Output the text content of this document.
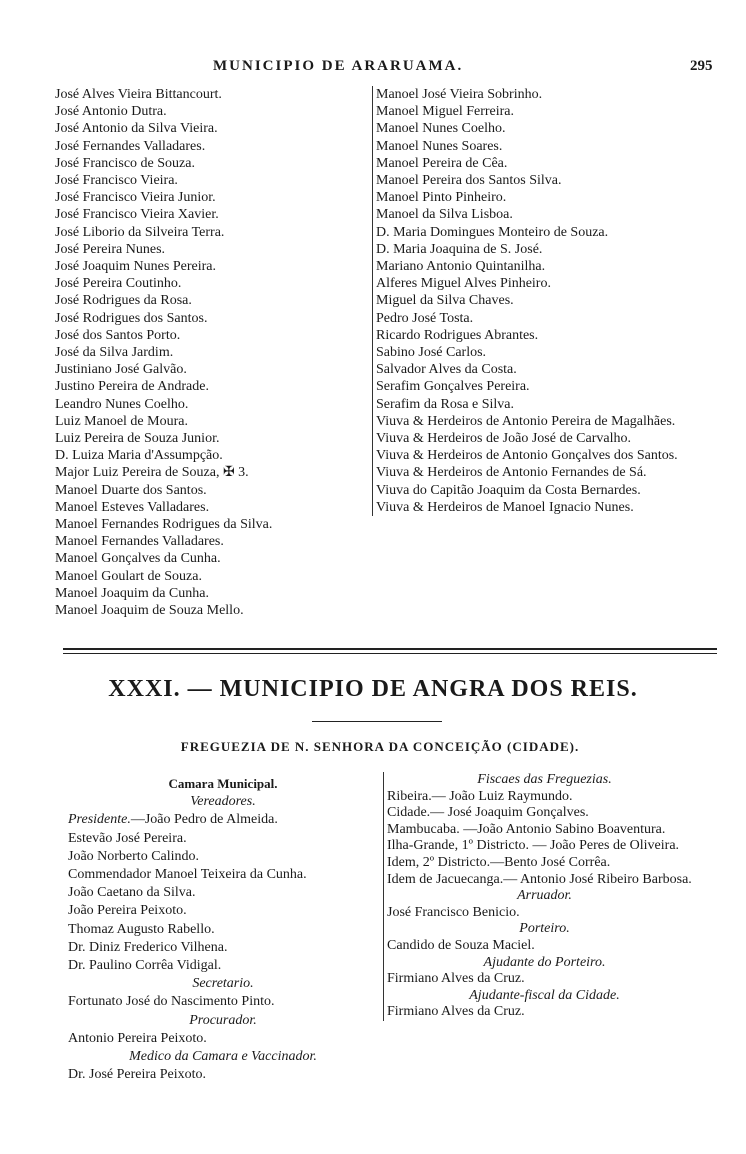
MUNICIPIO DE ARARUAMA.	295
José Alves Vieira Bittancourt.
José Antonio Dutra.
José Antonio da Silva Vieira.
José Fernandes Valladares.
José Francisco de Souza.
José Francisco Vieira.
José Francisco Vieira Junior.
José Francisco Vieira Xavier.
José Liborio da Silveira Terra.
José Pereira Nunes.
José Joaquim Nunes Pereira.
José Pereira Coutinho.
José Rodrigues da Rosa.
José Rodrigues dos Santos.
José dos Santos Porto.
José da Silva Jardim.
Justiniano José Galvão.
Justino Pereira de Andrade.
Leandro Nunes Coelho.
Luiz Manoel de Moura.
Luiz Pereira de Souza Junior.
D. Luiza Maria d'Assumpção.
Major Luiz Pereira de Souza, ✠ 3.
Manoel Duarte dos Santos.
Manoel Esteves Valladares.
Manoel Fernandes Rodrigues da Silva.
Manoel Fernandes Valladares.
Manoel Gonçalves da Cunha.
Manoel Goulart de Souza.
Manoel Joaquim da Cunha.
Manoel Joaquim de Souza Mello.
Manoel José Vieira Sobrinho.
Manoel Miguel Ferreira.
Manoel Nunes Coelho.
Manoel Nunes Soares.
Manoel Pereira de Cêa.
Manoel Pereira dos Santos Silva.
Manoel Pinto Pinheiro.
Manoel da Silva Lisboa.
D. Maria Domingues Monteiro de Souza.
D. Maria Joaquina de S. José.
Mariano Antonio Quintanilha.
Alferes Miguel Alves Pinheiro.
Miguel da Silva Chaves.
Pedro José Tosta.
Ricardo Rodrigues Abrantes.
Sabino José Carlos.
Salvador Alves da Costa.
Serafim Gonçalves Pereira.
Serafim da Rosa e Silva.
Viuva & Herdeiros de Antonio Pereira de Magalhães.
Viuva & Herdeiros de João José de Carvalho.
Viuva & Herdeiros de Antonio Gonçalves dos Santos.
Viuva & Herdeiros de Antonio Fernandes de Sá.
Viuva do Capitão Joaquim da Costa Bernardes.
Viuva & Herdeiros de Manoel Ignacio Nunes.
XXXI. — MUNICIPIO DE ANGRA DOS REIS.
FREGUEZIA DE N. SENHORA DA CONCEIÇÃO (CIDADE).
Camara Municipal.
Vereadores.
Presidente.—João Pedro de Almeida.
Estevão José Pereira.
João Norberto Calindo.
Commendador Manoel Teixeira da Cunha.
João Caetano da Silva.
João Pereira Peixoto.
Thomaz Augusto Rabello.
Dr. Diniz Frederico Vilhena.
Dr. Paulino Corrêa Vidigal.
Secretario.
Fortunato José do Nascimento Pinto.
Procurador.
Antonio Pereira Peixoto.
Medico da Camara e Vaccinador.
Dr. José Pereira Peixoto.
Fiscaes das Freguezias.
Ribeira.— João Luiz Raymundo.
Cidade.— José Joaquim Gonçalves.
Mambucaba. —João Antonio Sabino Boaventura.
Ilha-Grande, 1º Districto. — João Peres de Oliveira.
Idem, 2º Districto.—Bento José Corrêa.
Idem de Jacuecanga.— Antonio José Ribeiro Barbosa.
Arruador.
José Francisco Benicio.
Porteiro.
Candido de Souza Maciel.
Ajudante do Porteiro.
Firmiano Alves da Cruz.
Ajudante-fiscal da Cidade.
Firmiano Alves da Cruz.
